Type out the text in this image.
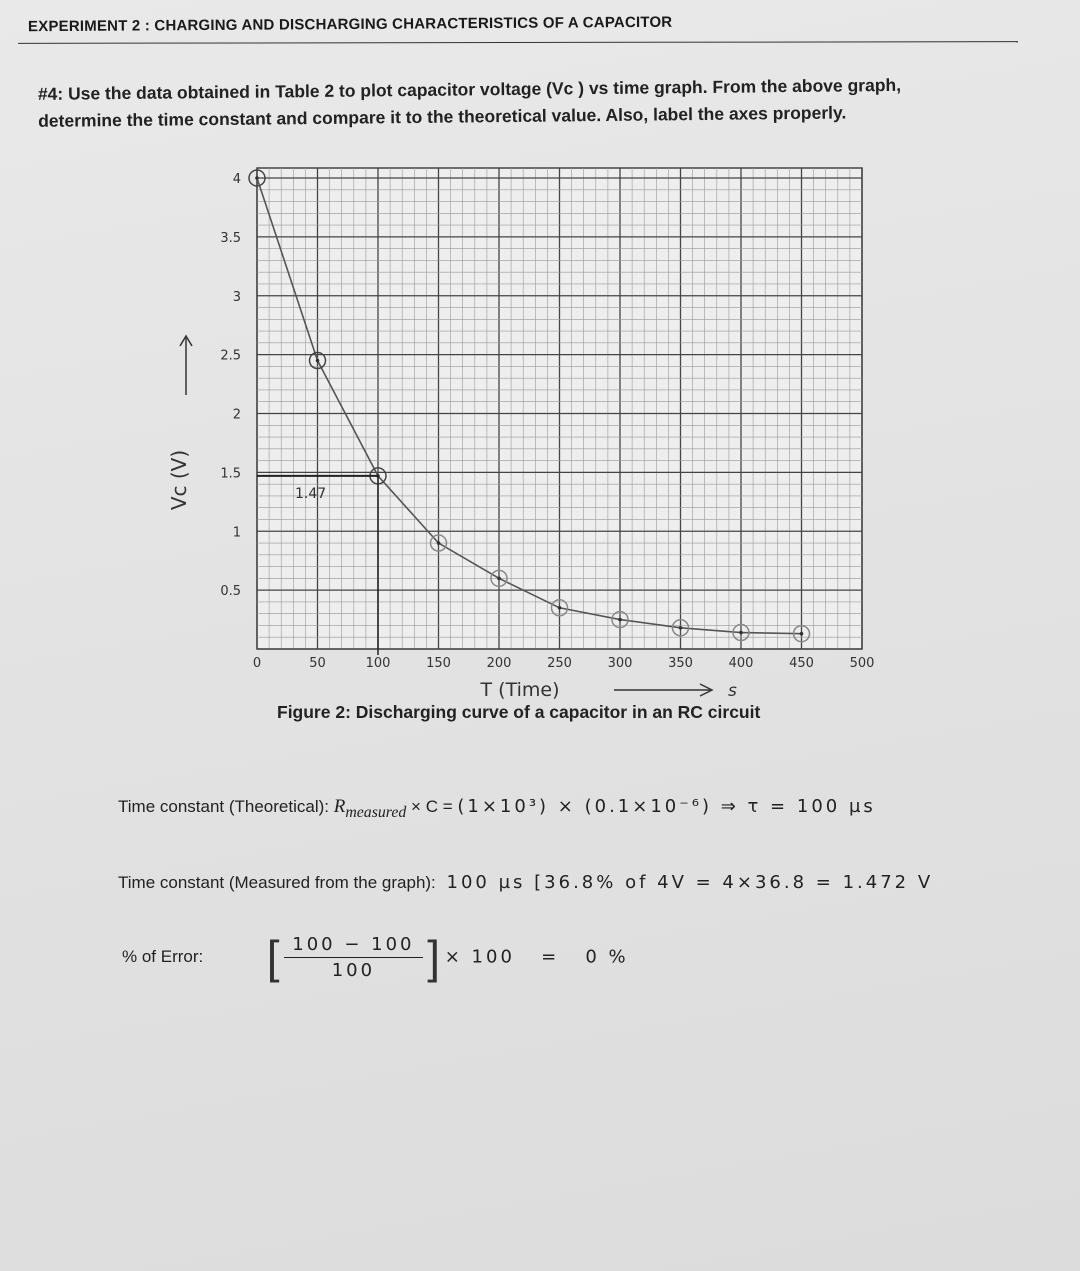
EXPERIMENT 2 : CHARGING AND DISCHARGING CHARACTERISTICS OF A CAPACITOR
#4: Use the data obtained in Table 2 to plot capacitor voltage (Vc ) vs time graph. From the above graph, determine the time constant and compare it to the theoretical value. Also, label the axes properly.
0	50	100	150	200	250	300	350	400	450	500
0.5
1
1.5
2
2.5
3
3.5
4
1.47
Vc (V)
T (Time)	s
Figure 2: Discharging curve of a capacitor in an RC circuit
Time constant (Theoretical): $R_{measured} \times C = (1\times 10^3) \times (0.1\times 10^{-6})$ ⇒ τ = 100 µs
Time constant (Measured from the graph): 100 µs [36.8% of 4V = 4×36.8 = 1.472 V
% of Error: [ $\frac{100 - 100}{100}$ ] × 100   =   0 %
